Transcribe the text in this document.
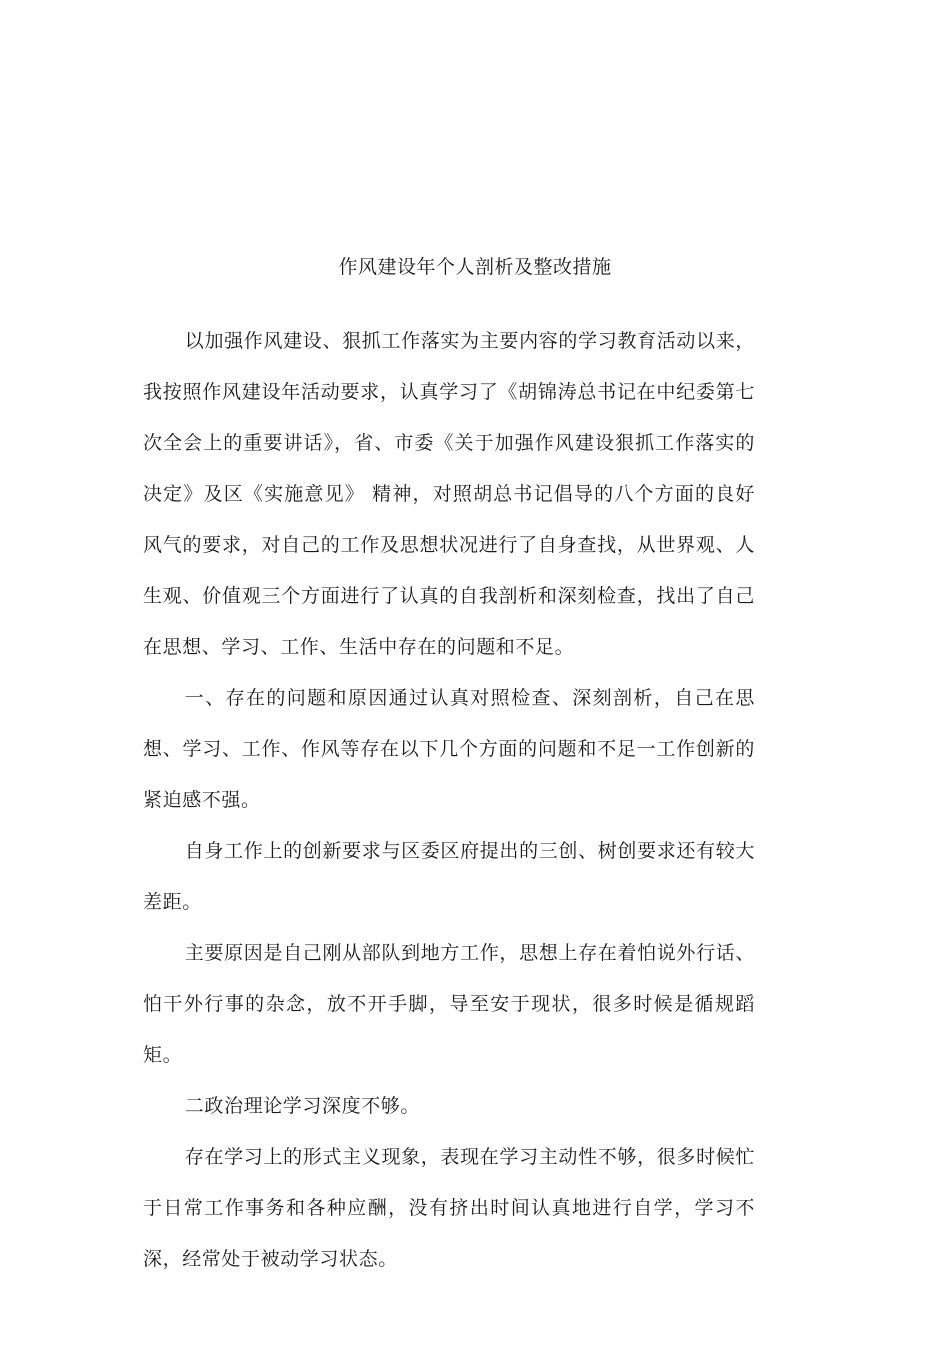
作风建设年个人剖析及整改措施

以加强作风建设、狠抓工作落实为主要内容的学习教育活动以来，我按照作风建设年活动要求，认真学习了《胡锦涛总书记在中纪委第七次全会上的重要讲话》，省、市委《关于加强作风建设狠抓工作落实的决定》及区《实施意见》 精神，对照胡总书记倡导的八个方面的良好风气的要求，对自己的工作及思想状况进行了自身查找，从世界观、人生观、价值观三个方面进行了认真的自我剖析和深刻检查，找出了自己在思想、学习、工作、生活中存在的问题和不足。

一、存在的问题和原因通过认真对照检查、深刻剖析，自己在思想、学习、工作、作风等存在以下几个方面的问题和不足一工作创新的紧迫感不强。

自身工作上的创新要求与区委区府提出的三创、树创要求还有较大差距。

主要原因是自己刚从部队到地方工作，思想上存在着怕说外行话、怕干外行事的杂念，放不开手脚，导至安于现状，很多时候是循规蹈矩。

二政治理论学习深度不够。

存在学习上的形式主义现象，表现在学习主动性不够，很多时候忙于日常工作事务和各种应酬，没有挤出时间认真地进行自学，学习不深，经常处于被动学习状态。
